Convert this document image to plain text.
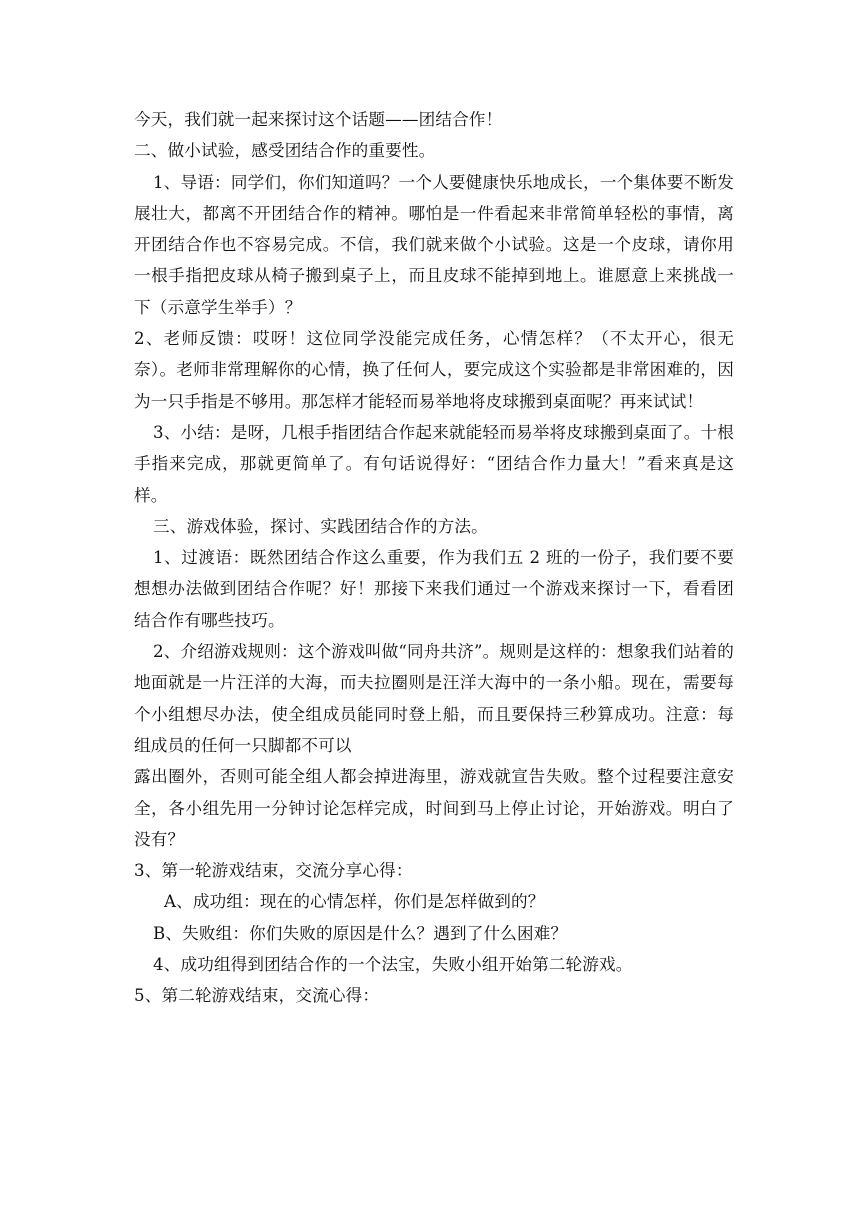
今天，我们就一起来探讨这个话题——团结合作！

二、做小试验，感受团结合作的重要性。

1、导语：同学们，你们知道吗？一个人要健康快乐地成长，一个集体要不断发展壮大，都离不开团结合作的精神。哪怕是一件看起来非常简单轻松的事情，离开团结合作也不容易完成。不信，我们就来做个小试验。这是一个皮球，请你用一根手指把皮球从椅子搬到桌子上，而且皮球不能掉到地上。谁愿意上来挑战一下（示意学生举手）？

2、老师反馈：哎呀！这位同学没能完成任务，心情怎样？（不太开心，很无奈）。老师非常理解你的心情，换了任何人，要完成这个实验都是非常困难的，因为一只手指是不够用。那怎样才能轻而易举地将皮球搬到桌面呢？再来试试！

3、小结：是呀，几根手指团结合作起来就能轻而易举将皮球搬到桌面了。十根手指来完成，那就更简单了。有句话说得好：“团结合作力量大！”看来真是这样。

三、游戏体验，探讨、实践团结合作的方法。

1、过渡语：既然团结合作这么重要，作为我们五 2 班的一份子，我们要不要想想办法做到团结合作呢？好！那接下来我们通过一个游戏来探讨一下，看看团结合作有哪些技巧。

2、介绍游戏规则：这个游戏叫做“同舟共济”。规则是这样的：想象我们站着的地面就是一片汪洋的大海，而夫拉圈则是汪洋大海中的一条小船。现在，需要每个小组想尽办法，使全组成员能同时登上船，而且要保持三秒算成功。注意：每组成员的任何一只脚都不可以

露出圈外，否则可能全组人都会掉进海里，游戏就宣告失败。整个过程要注意安全，各小组先用一分钟讨论怎样完成，时间到马上停止讨论，开始游戏。明白了没有？

3、第一轮游戏结束，交流分享心得：

A、成功组：现在的心情怎样，你们是怎样做到的？

B、失败组：你们失败的原因是什么？遇到了什么困难？

4、成功组得到团结合作的一个法宝，失败小组开始第二轮游戏。

5、第二轮游戏结束，交流心得：
